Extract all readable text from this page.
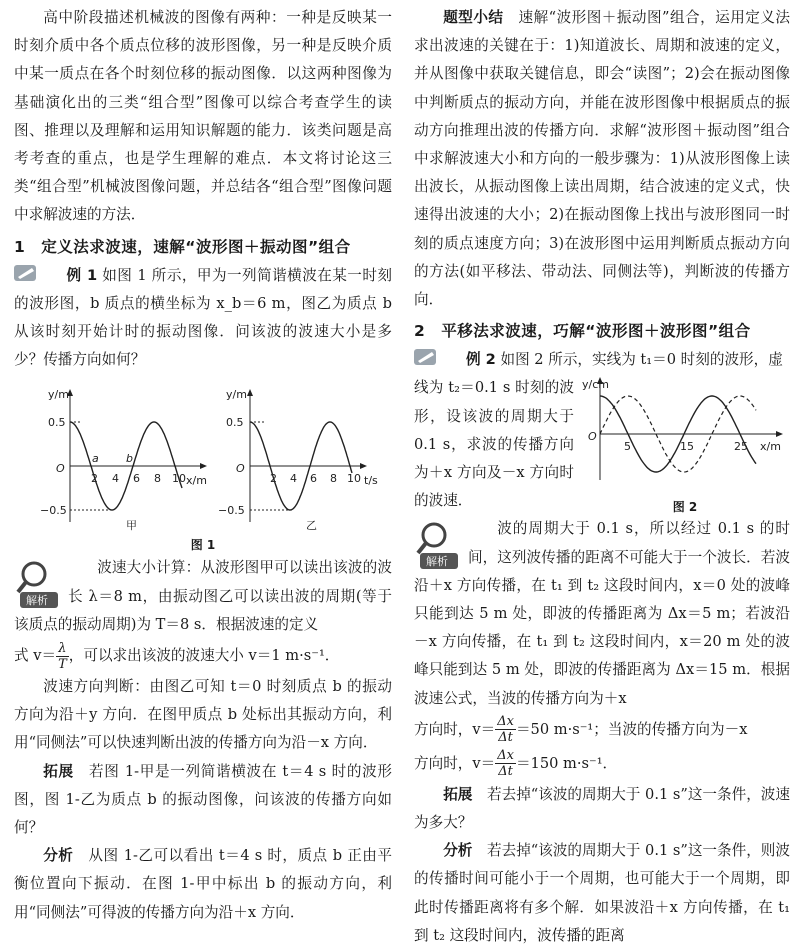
高中阶段描述机械波的图像有两种：一种是反映某一时刻介质中各个质点位移的波形图像，另一种是反映介质中某一质点在各个时刻位移的振动图像．以这两种图像为基础演化出的三类“组合型”图像可以综合考查学生的读图、推理以及理解和运用知识解题的能力．该类问题是高考考查的重点，也是学生理解的难点．本文将讨论这三类“组合型”机械波图像问题，并总结各“组合型”图像问题中求解波速的方法．

1　定义法求波速，速解“波形图＋振动图”组合

例 1 如图 1 所示，甲为一列简谐横波在某一时刻的波形图，b 质点的横坐标为 x_b＝6 m，图乙为质点 b 从该时刻开始计时的振动图像．问该波的波速大小是多少？传播方向如何？

y/m
x/m
0.5
−0.5
O
a b
2 4 6 8 10
y/m
t/s
0.5
−0.5
O
2 4 6 8 10
甲	乙
图 1
解析

波速大小计算：从波形图甲可以读出该波的波长 λ＝8 m，由振动图乙可以读出波的周期(等于该质点的振动周期)为 T＝8 s．根据波速的定义

式 $v= \frac{\lambda}{T}$ ，可以求出该波的波速大小 v＝1 m·s⁻¹．

波速方向判断：由图乙可知 t＝0 时刻质点 b 的振动方向为沿＋y 方向．在图甲质点 b 处标出其振动方向，利用“同侧法”可以快速判断出波的传播方向为沿－x 方向．

拓展　 若图 1-甲是一列简谐横波在 t＝4 s 时的波形图，图 1-乙为质点 b 的振动图像，问该波的传播方向如何？

分析　 从图 1-乙可以看出 t＝4 s 时，质点 b 正由平衡位置向下振动．在图 1-甲中标出 b 的振动方向，利用“同侧法”可得波的传播方向为沿＋x 方向．

题型小结　 速解“波形图＋振动图”组合，运用定义法求出波速的关键在于：1)知道波长、周期和波速的定义，并从图像中获取关键信息，即会“读图”；2)会在振动图像中判断质点的振动方向，并能在波形图像中根据质点的振动方向推理出波的传播方向．求解“波形图＋振动图”组合中求解波速大小和方向的一般步骤为：1)从波形图像上读出波长，从振动图像上读出周期，结合波速的定义式，快速得出波速的大小；2)在振动图像上找出与波形图同一时刻的质点速度方向；3)在波形图中运用判断质点振动方向的方法(如平移法、带动法、同侧法等)，判断波的传播方向．

2　平移法求波速，巧解“波形图＋波形图”组合

例 2 如图 2 所示，实线为 t₁＝0 时刻的波形，虚

线为 t₂＝0.1 s 时刻的波形，设该波的周期大于 0.1 s，求波的传播方向为＋x 方向及－x 方向时的波速．

y/cm
x/m
O
5	15	25
图 2
解析

波的周期大于 0.1 s，所以经过 0.1 s 的时间，这列波传播的距离不可能大于一个波长．若波沿＋x 方向传播，在 t₁ 到 t₂ 这段时间内，x＝0 处的波峰只能到达 5 m 处，即波的传播距离为 Δx＝5 m；若波沿－x 方向传播，在 t₁ 到 t₂ 这段时间内，x＝20 m 处的波峰只能到达 5 m 处，即波的传播距离为 Δx＝15 m．根据波速公式，当波的传播方向为＋x

方向时，$v= \frac{\Delta x}{\Delta t} =50$ m·s⁻¹；当波的传播方向为－x

方向时，$v= \frac{\Delta x}{\Delta t} =150$ m·s⁻¹．

拓展　 若去掉“该波的周期大于 0.1 s”这一条件，波速为多大？

分析　 若去掉“该波的周期大于 0.1 s”这一条件，则波的传播时间可能小于一个周期，也可能大于一个周期，即此时传播距离将有多个解．如果波沿＋x 方向传播，在 t₁ 到 t₂ 这段时间内，波传播的距离
